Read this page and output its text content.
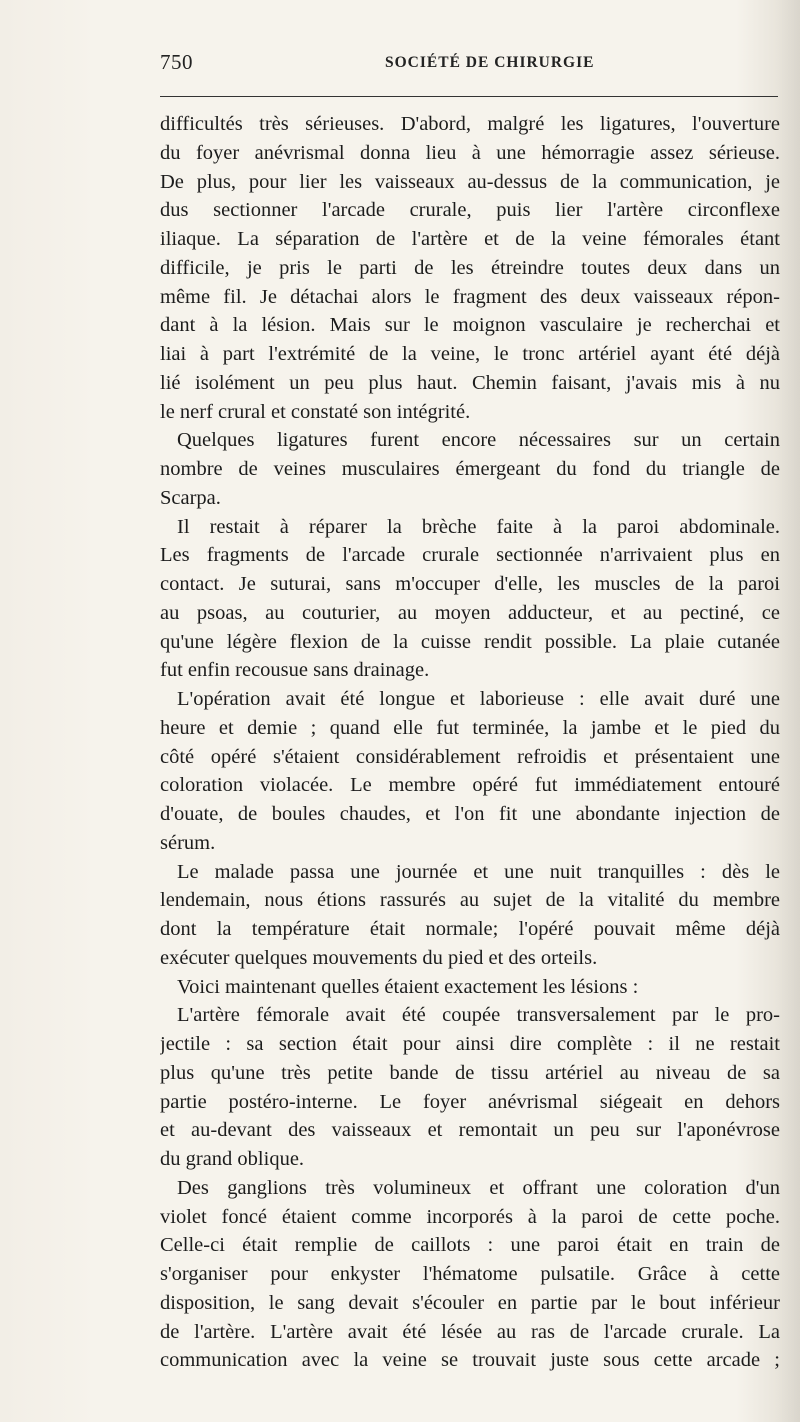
750	SOCIÉTÉ DE CHIRURGIE
difficultés très sérieuses. D'abord, malgré les ligatures, l'ouverture
du foyer anévrismal donna lieu à une hémorragie assez sérieuse.
De plus, pour lier les vaisseaux au-dessus de la communication, je
dus sectionner l'arcade crurale, puis lier l'artère circonflexe
iliaque. La séparation de l'artère et de la veine fémorales étant
difficile, je pris le parti de les étreindre toutes deux dans un
même fil. Je détachai alors le fragment des deux vaisseaux répon-
dant à la lésion. Mais sur le moignon vasculaire je recherchai et
liai à part l'extrémité de la veine, le tronc artériel ayant été déjà
lié isolément un peu plus haut. Chemin faisant, j'avais mis à nu
le nerf crural et constaté son intégrité.
Quelques ligatures furent encore nécessaires sur un certain
nombre de veines musculaires émergeant du fond du triangle de
Scarpa.
Il restait à réparer la brèche faite à la paroi abdominale.
Les fragments de l'arcade crurale sectionnée n'arrivaient plus en
contact. Je suturai, sans m'occuper d'elle, les muscles de la paroi
au psoas, au couturier, au moyen adducteur, et au pectiné, ce
qu'une légère flexion de la cuisse rendit possible. La plaie cutanée
fut enfin recousue sans drainage.
L'opération avait été longue et laborieuse : elle avait duré une
heure et demie ; quand elle fut terminée, la jambe et le pied du
côté opéré s'étaient considérablement refroidis et présentaient une
coloration violacée. Le membre opéré fut immédiatement entouré
d'ouate, de boules chaudes, et l'on fit une abondante injection de
sérum.
Le malade passa une journée et une nuit tranquilles : dès le
lendemain, nous étions rassurés au sujet de la vitalité du membre
dont la température était normale; l'opéré pouvait même déjà
exécuter quelques mouvements du pied et des orteils.
Voici maintenant quelles étaient exactement les lésions :
L'artère fémorale avait été coupée transversalement par le pro-
jectile : sa section était pour ainsi dire complète : il ne restait
plus qu'une très petite bande de tissu artériel au niveau de sa
partie postéro-interne. Le foyer anévrismal siégeait en dehors
et au-devant des vaisseaux et remontait un peu sur l'aponévrose
du grand oblique.
Des ganglions très volumineux et offrant une coloration d'un
violet foncé étaient comme incorporés à la paroi de cette poche.
Celle-ci était remplie de caillots : une paroi était en train de
s'organiser pour enkyster l'hématome pulsatile. Grâce à cette
disposition, le sang devait s'écouler en partie par le bout inférieur
de l'artère. L'artère avait été lésée au ras de l'arcade crurale. La
communication avec la veine se trouvait juste sous cette arcade ;
